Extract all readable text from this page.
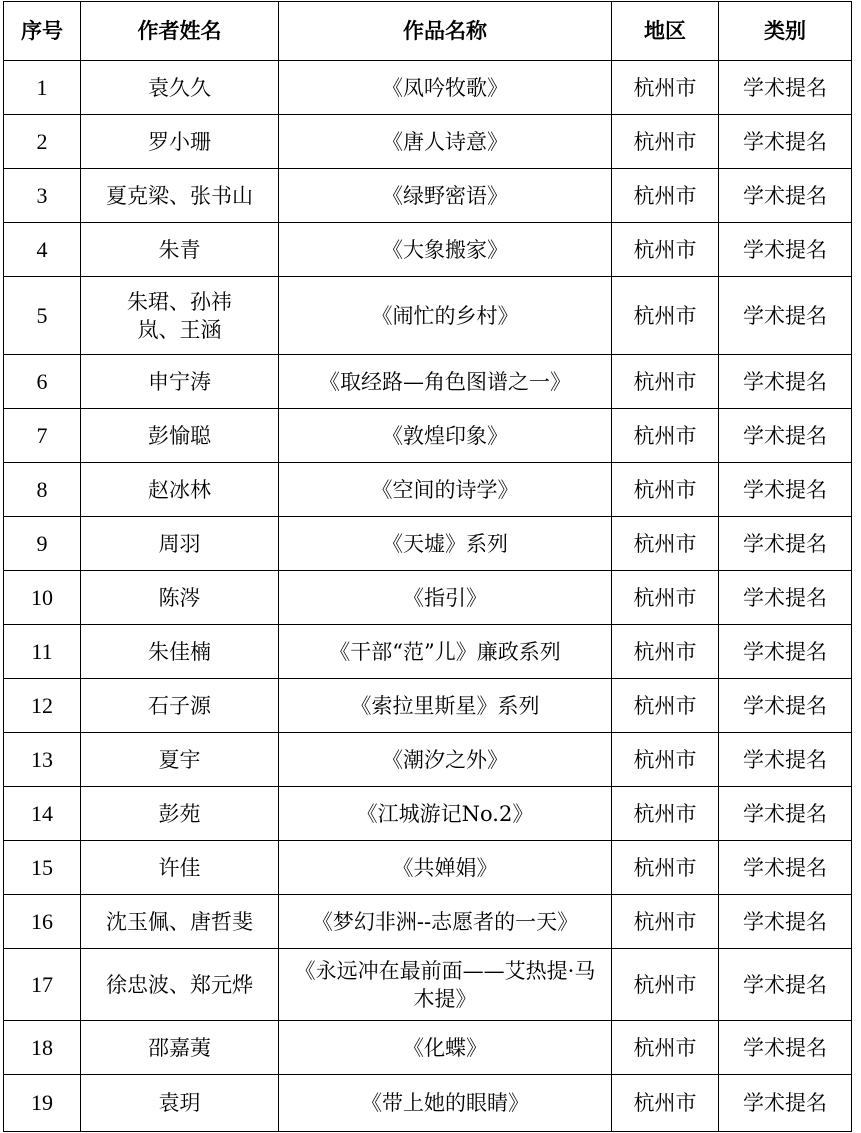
序号	作者姓名	作品名称	地区	类别
1	袁久久	《凤吟牧歌》	杭州市	学术提名
2	罗小珊	《唐人诗意》	杭州市	学术提名
3	夏克梁、张书山	《绿野密语》	杭州市	学术提名
4	朱青	《大象搬家》	杭州市	学术提名
5	朱珺、孙祎岚、王涵	《闹忙的乡村》	杭州市	学术提名
6	申宁涛	《取经路—角色图谱之一》	杭州市	学术提名
7	彭愉聪	《敦煌印象》	杭州市	学术提名
8	赵冰林	《空间的诗学》	杭州市	学术提名
9	周羽	《天墟》系列	杭州市	学术提名
10	陈涔	《指引》	杭州市	学术提名
11	朱佳楠	《干部“范”儿》廉政系列	杭州市	学术提名
12	石子源	《索拉里斯星》系列	杭州市	学术提名
13	夏宇	《潮汐之外》	杭州市	学术提名
14	彭苑	《江城游记No.2》	杭州市	学术提名
15	许佳	《共婵娟》	杭州市	学术提名
16	沈玉佩、唐哲斐	《梦幻非洲--志愿者的一天》	杭州市	学术提名
17	徐忠波、郑元烨	《永远冲在最前面——艾热提·马木提》	杭州市	学术提名
18	邵嘉荑	《化蝶》	杭州市	学术提名
19	袁玥	《带上她的眼睛》	杭州市	学术提名
